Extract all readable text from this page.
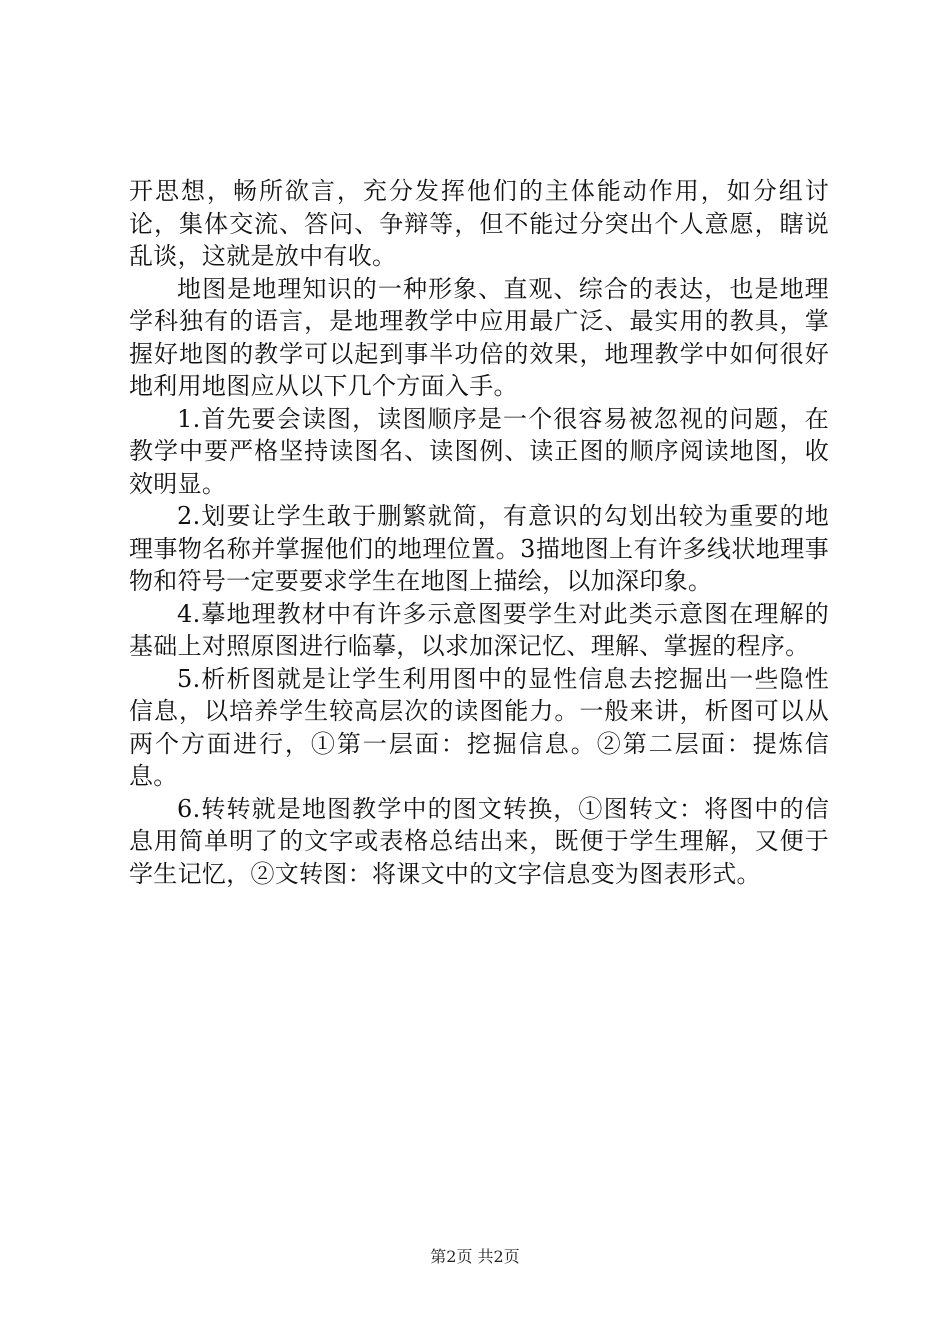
开思想，畅所欲言，充分发挥他们的主体能动作用，如分组讨论，集体交流、答问、争辩等，但不能过分突出个人意愿，瞎说乱谈，这就是放中有收。

地图是地理知识的一种形象、直观、综合的表达，也是地理学科独有的语言，是地理教学中应用最广泛、最实用的教具，掌握好地图的教学可以起到事半功倍的效果，地理教学中如何很好地利用地图应从以下几个方面入手。

1.首先要会读图，读图顺序是一个很容易被忽视的问题，在教学中要严格坚持读图名、读图例、读正图的顺序阅读地图，收效明显。

2.划要让学生敢于删繁就简，有意识的勾划出较为重要的地理事物名称并掌握他们的地理位置。3描地图上有许多线状地理事物和符号一定要要求学生在地图上描绘，以加深印象。

4.摹地理教材中有许多示意图要学生对此类示意图在理解的基础上对照原图进行临摹，以求加深记忆、理解、掌握的程序。

5.析析图就是让学生利用图中的显性信息去挖掘出一些隐性信息，以培养学生较高层次的读图能力。一般来讲，析图可以从两个方面进行，①第一层面：挖掘信息。②第二层面：提炼信息。

6.转转就是地图教学中的图文转换，①图转文：将图中的信息用简单明了的文字或表格总结出来，既便于学生理解，又便于学生记忆，②文转图：将课文中的文字信息变为图表形式。

第2页 共2页
